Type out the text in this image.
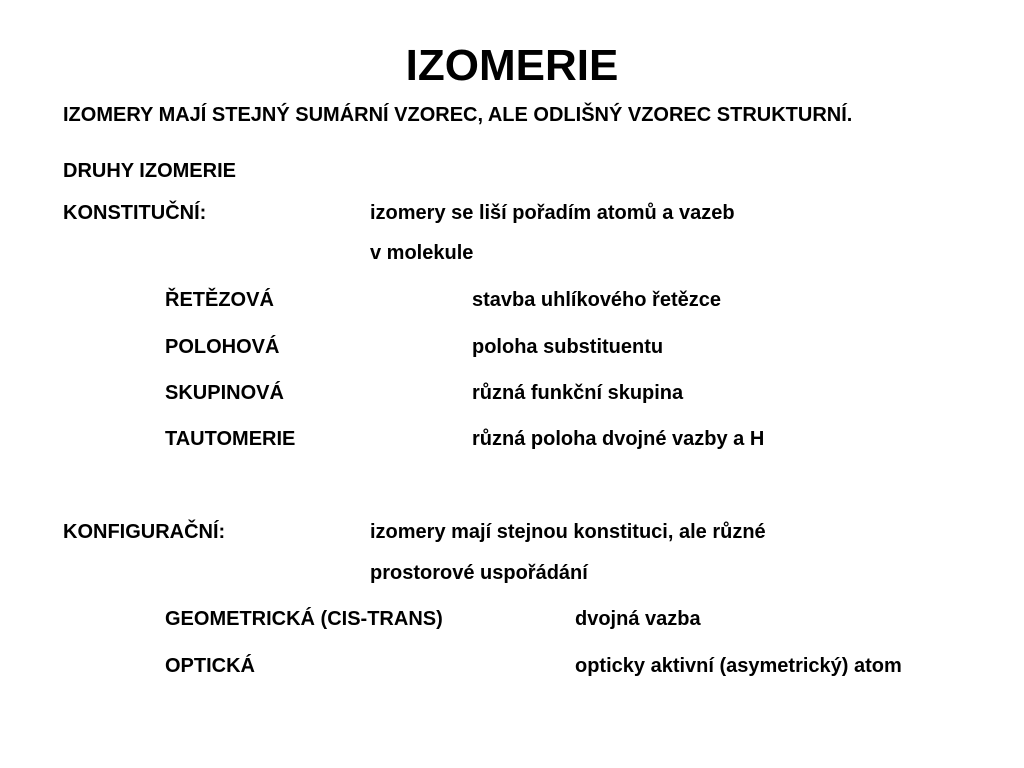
IZOMERIE
IZOMERY MAJÍ STEJNÝ SUMÁRNÍ VZOREC, ALE ODLIŠNÝ VZOREC STRUKTURNÍ.
DRUHY IZOMERIE
KONSTITUČNÍ:	izomery se liší pořadím atomů a vazeb
v molekule
ŘETĚZOVÁ	stavba uhlíkového řetězce
POLOHOVÁ	poloha substituentu
SKUPINOVÁ	různá funkční skupina
TAUTOMERIE	různá poloha dvojné vazby a H
KONFIGURAČNÍ:	izomery mají stejnou konstituci, ale různé
prostorové uspořádání
GEOMETRICKÁ (CIS-TRANS)	dvojná vazba
OPTICKÁ	opticky aktivní (asymetrický) atom
